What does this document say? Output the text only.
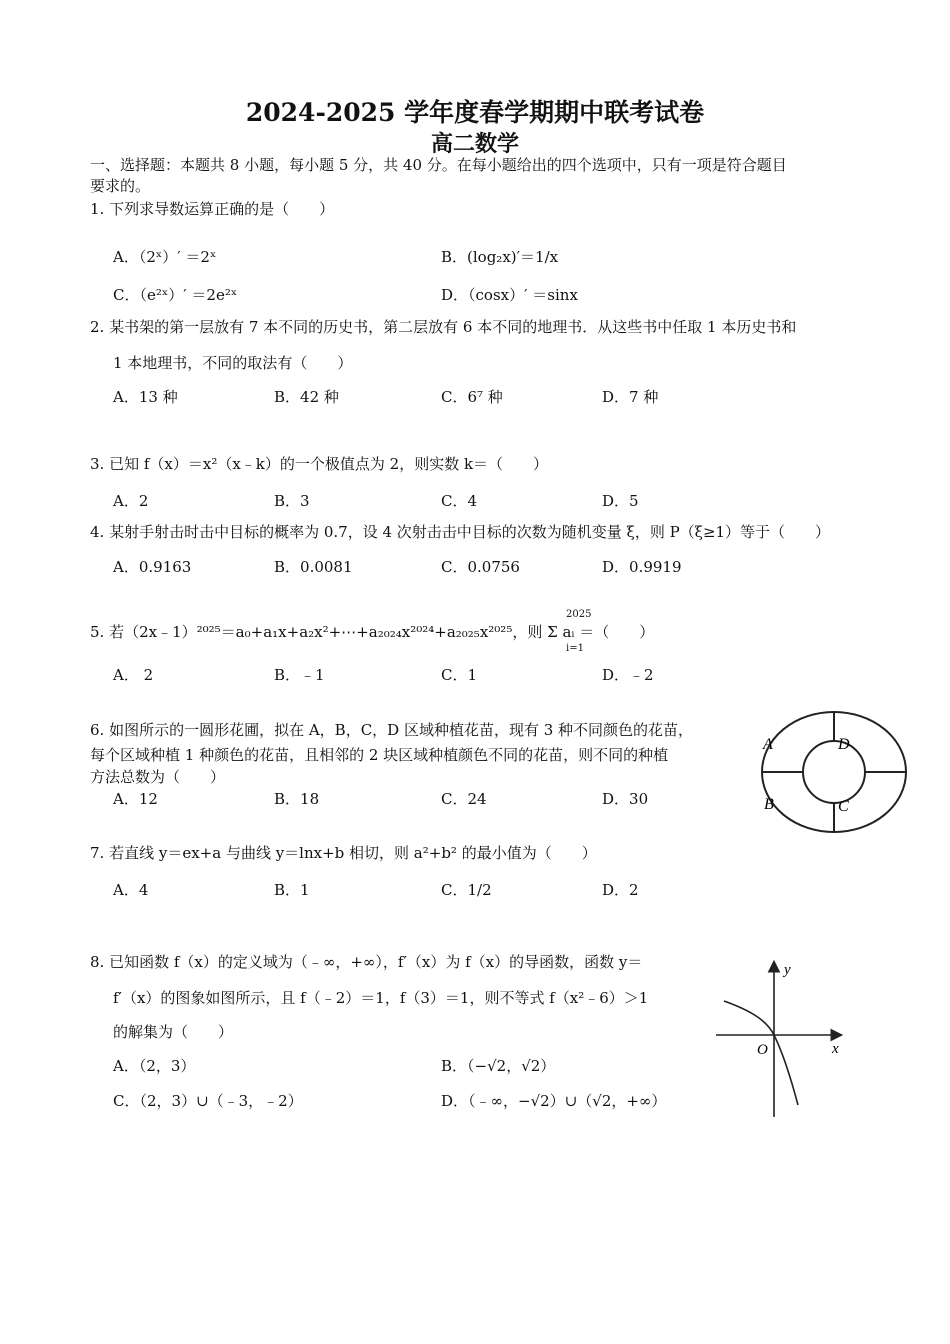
2024-2025 学年度春学期期中联考试卷
高二数学
一、选择题：本题共 8 小题，每小题 5 分，共 40 分。在每小题给出的四个选项中，只有一项是符合题目
要求的。
1. 下列求导数运算正确的是（　　）
A．（2ˣ）′ ＝2ˣ	B．(log₂x)′＝1/x
C．（e²ˣ）′ ＝2e²ˣ	D．（cosx）′ ＝sinx
2. 某书架的第一层放有 7 本不同的历史书，第二层放有 6 本不同的地理书．从这些书中任取 1 本历史书和
1 本地理书，不同的取法有（　　）
A．13 种	B．42 种	C．6⁷ 种	D．7 种
3. 已知 f（x）＝x²（x﹣k）的一个极值点为 2，则实数 k＝（　　）
A．2	B．3	C．4	D．5
4. 某射手射击时击中目标的概率为 0.7，设 4 次射击击中目标的次数为随机变量 ξ，则 P（ξ≥1）等于（　　）
A．0.9163	B．0.0081	C．0.0756	D．0.9919
5. 若（2x﹣1）²⁰²⁵＝a₀+a₁x+a₂x²+⋯+a₂₀₂₄x²⁰²⁴+a₂₀₂₅x²⁰²⁵，则 Σ aᵢ ＝（　　）
2025
i=1
A． 2	B．﹣1	C．1	D．﹣2
6. 如图所示的一圆形花圃，拟在 A，B，C，D 区域种植花苗，现有 3 种不同颜色的花苗，
每个区域种植 1 种颜色的花苗，且相邻的 2 块区域种植颜色不同的花苗，则不同的种植
方法总数为（　　）
A．12	B．18	C．24	D．30
A	D
B	C
7. 若直线 y＝ex+a 与曲线 y＝lnx+b 相切，则 a²+b² 的最小值为（　　）
A．4	B．1	C．1/2	D．2
8. 已知函数 f（x）的定义域为（﹣∞，+∞），f′（x）为 f（x）的导函数，函数 y＝
f′（x）的图象如图所示，且 f（﹣2）＝1，f（3）＝1，则不等式 f（x²﹣6）＞1
的解集为（　　）
A．（2，3）	B．（−√2，√2）
C．（2，3）∪（﹣3，﹣2）	D．（﹣∞，−√2）∪（√2，+∞）
y
x
O
